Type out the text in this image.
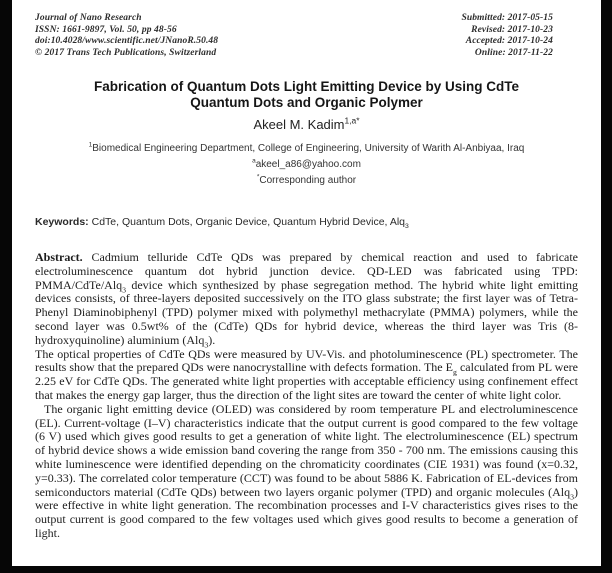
Journal of Nano Research
ISSN: 1661-9897, Vol. 50, pp 48-56
doi:10.4028/www.scientific.net/JNanoR.50.48
© 2017 Trans Tech Publications, Switzerland
Submitted: 2017-05-15
Revised: 2017-10-23
Accepted: 2017-10-24
Online: 2017-11-22
Fabrication of Quantum Dots Light Emitting Device by Using CdTe Quantum Dots and Organic Polymer
Akeel M. Kadim$^{1,a*}$
$^1$Biomedical Engineering Department, College of Engineering, University of Warith Al-Anbiyaa, Iraq
$^a$akeel_a86@yahoo.com
*Corresponding author
Keywords: CdTe, Quantum Dots, Organic Device, Quantum Hybrid Device, Alq$_3$

Abstract. Cadmium telluride CdTe QDs was prepared by chemical reaction and used to fabricate electroluminescence quantum dot hybrid junction device. QD-LED was fabricated using TPD: PMMA/CdTe/Alq$_3$ device which synthesized by phase segregation method. The hybrid white light emitting devices consists, of three-layers deposited successively on the ITO glass substrate; the first layer was of Tetra-Phenyl Diaminobiphenyl (TPD) polymer mixed with polymethyl methacrylate (PMMA) polymers, while the second layer was 0.5wt% of the (CdTe) QDs for hybrid device, whereas the third layer was Tris (8-hydroxyquinoline) aluminium (Alq$_3$).

The optical properties of CdTe QDs were measured by UV-Vis. and photoluminescence (PL) spectrometer. The results show that the prepared QDs were nanocrystalline with defects formation. The $E_g$ calculated from PL were 2.25 eV for CdTe QDs. The generated white light properties with acceptable efficiency using confinement effect that makes the energy gap larger, thus the direction of the light sites are toward the center of white light color.

The organic light emitting device (OLED) was considered by room temperature PL and electroluminescence (EL). Current-voltage (I–V) characteristics indicate that the output current is good compared to the few voltage (6 V) used which gives good results to get a generation of white light. The electroluminescence (EL) spectrum of hybrid device shows a wide emission band covering the range from 350 - 700 nm. The emissions causing this white luminescence were identified depending on the chromaticity coordinates (CIE 1931) was found (x=0.32, y=0.33). The correlated color temperature (CCT) was found to be about 5886 K. Fabrication of EL-devices from semiconductors material (CdTe QDs) between two layers organic polymer (TPD) and organic molecules (Alq$_3$) were effective in white light generation. The recombination processes and I-V characteristics gives rises to the output current is good compared to the few voltages used which gives good results to become a generation of light.
